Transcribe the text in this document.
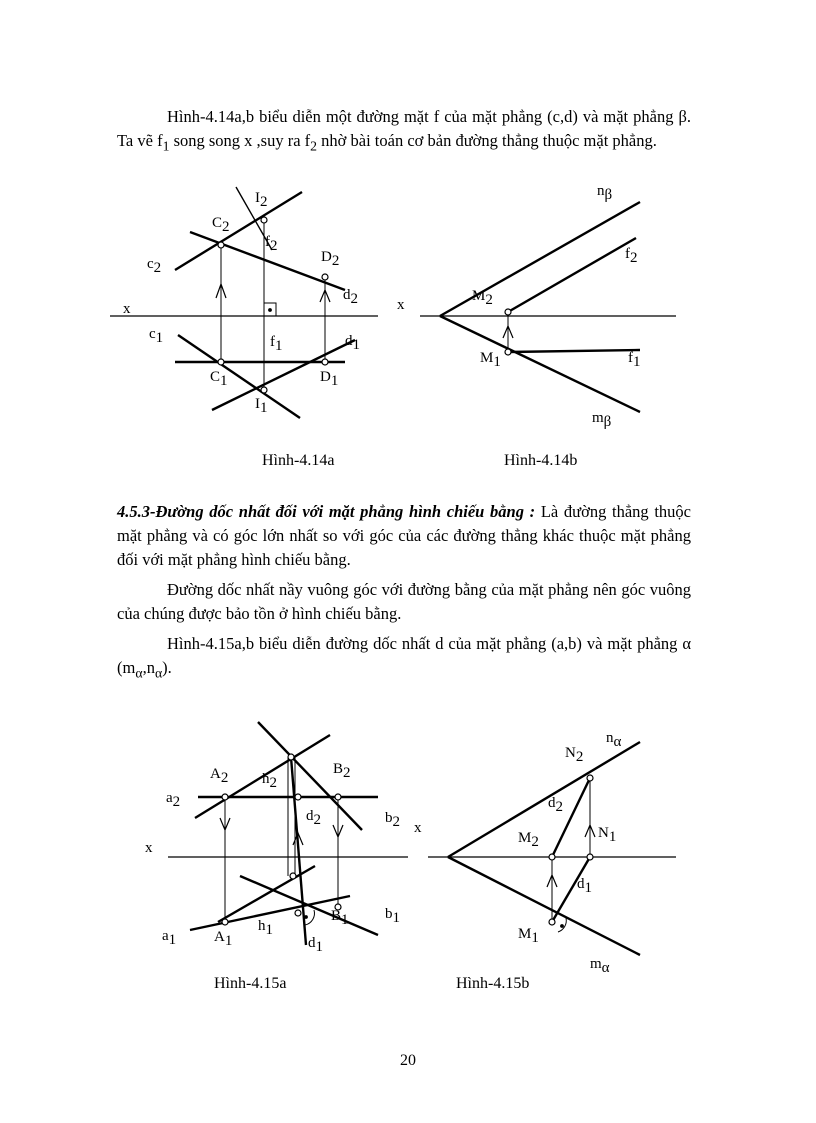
Hình-4.14a,b biểu diễn một đường mặt f của mặt phẳng (c,d) và mặt phẳng β. Ta vẽ $f_1$ song song x ,suy ra $f_2$ nhờ bài toán cơ bản đường thẳng thuộc mặt phẳng.

I2
C2
f2
D2
c2
d2
x
c1	f1	d1
C1	D1
I1
Hình-4.14a
nβ
f2
x
M2
M1	f1
mβ
Hình-4.14b

4.5.3-Đường dốc nhất đối với mặt phẳng hình chiếu bằng : Là đường thẳng thuộc mặt phẳng và có góc lớn nhất so với góc của các đường thẳng khác thuộc mặt phẳng đối với mặt phẳng hình chiếu bằng.

Đường dốc nhất nầy vuông góc với đường bằng của mặt phẳng nên góc vuông của chúng được bảo tồn ở hình chiếu bằng.

Hình-4.15a,b biểu diễn đường dốc nhất d của mặt phẳng (a,b) và mặt phẳng α $(m_\alpha,n_\alpha)$.

A2 h2
B2
a2
d2	b2
x
a1	A1
h1
B1 b1
d1
Hình-4.15a
nα
N2
d2
x
M2
N1
d1
M1
mα
Hình-4.15b
20
